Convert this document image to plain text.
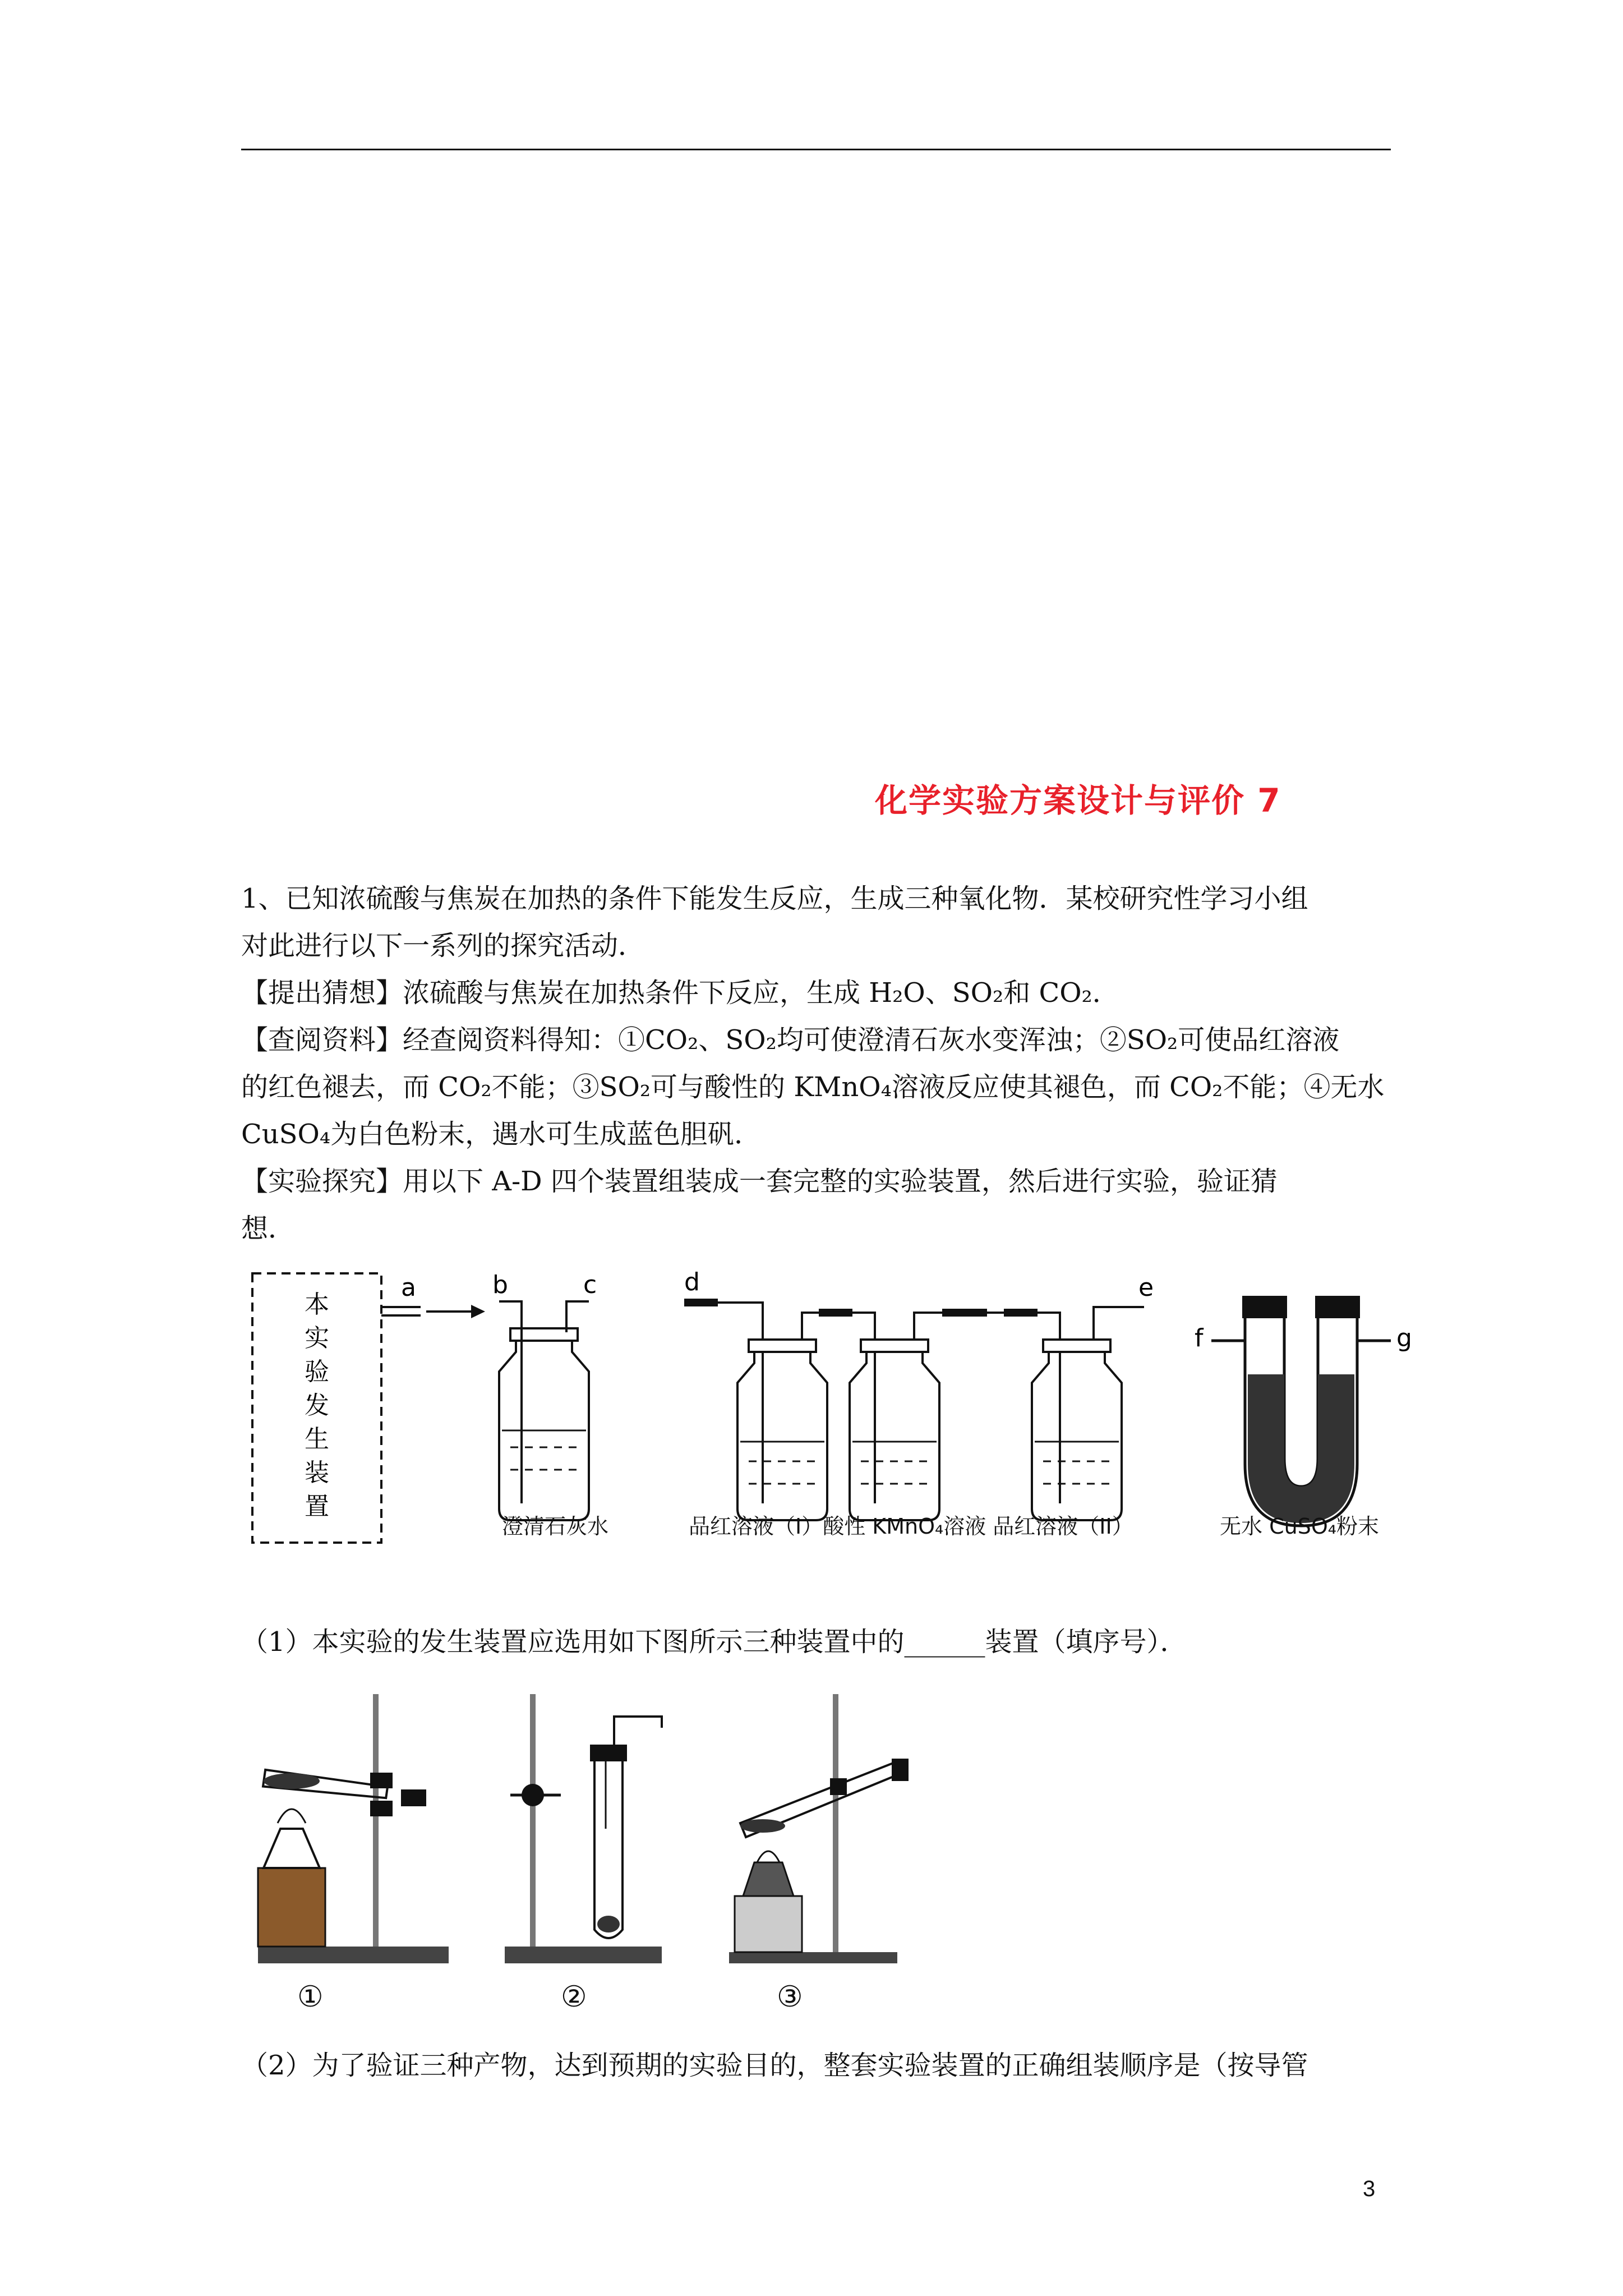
化学实验方案设计与评价 7
1、已知浓硫酸与焦炭在加热的条件下能发生反应，生成三种氧化物．某校研究性学习小组
对此进行以下一系列的探究活动．
【提出猜想】浓硫酸与焦炭在加热条件下反应，生成 H₂O、SO₂和 CO₂．
【查阅资料】经查阅资料得知：①CO₂、SO₂均可使澄清石灰水变浑浊；②SO₂可使品红溶液
的红色褪去，而 CO₂不能；③SO₂可与酸性的 KMnO₄溶液反应使其褪色，而 CO₂不能；④无水
CuSO₄为白色粉末，遇水可生成蓝色胆矾．
【实验探究】用以下 A-D 四个装置组装成一套完整的实验装置，然后进行实验，验证猜
想．
本
实
验
发
生
装
置
a	b	c	d	e
f	g
澄清石灰水	品红溶液（I）酸性 KMnO₄溶液 品红溶液（II）	无水 CuSO₄粉末
（1）本实验的发生装置应选用如下图所示三种装置中的______装置（填序号）．
①	②	③
（2）为了验证三种产物，达到预期的实验目的，整套实验装置的正确组装顺序是（按导管
3
